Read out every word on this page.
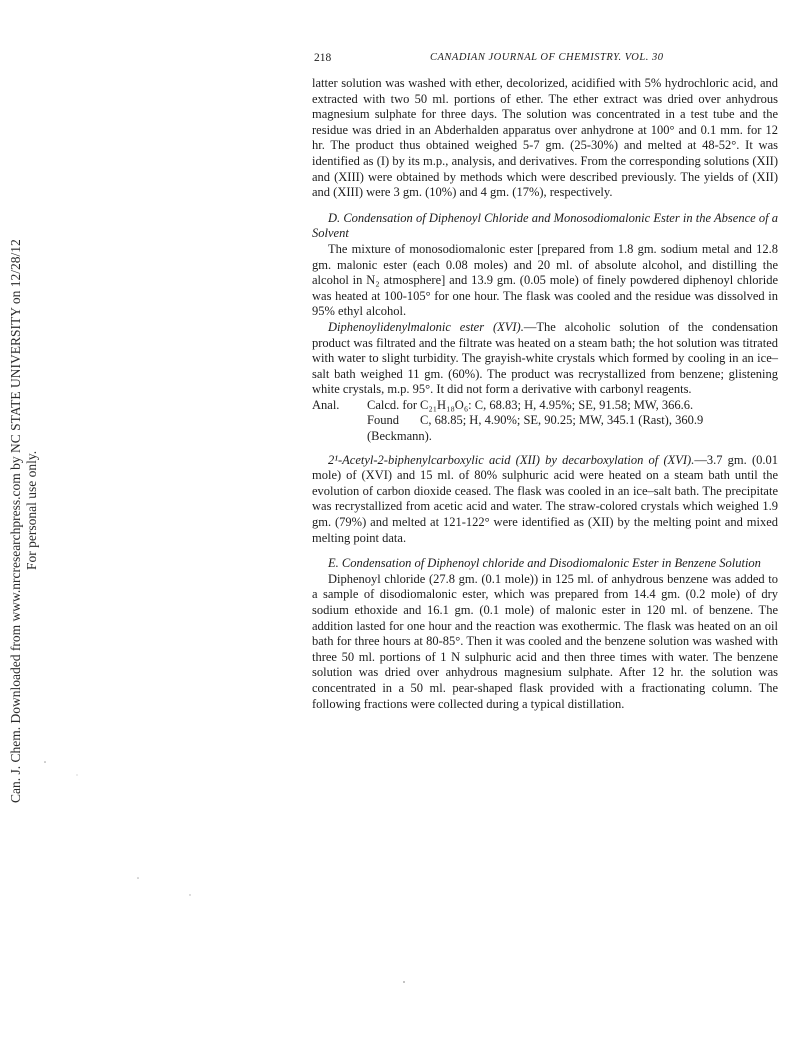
Can. J. Chem. Downloaded from www.nrcresearchpress.com by NC STATE UNIVERSITY on 12/28/12 For personal use only.
218	CANADIAN JOURNAL OF CHEMISTRY. VOL. 30

latter solution was washed with ether, decolorized, acidified with 5% hydrochloric acid, and extracted with two 50 ml. portions of ether. The ether extract was dried over anhydrous magnesium sulphate for three days. The solution was concentrated in a test tube and the residue was dried in an Abderhalden apparatus over anhydrone at 100° and 0.1 mm. for 12 hr. The product thus obtained weighed 5-7 gm. (25-30%) and melted at 48-52°. It was identified as (I) by its m.p., analysis, and derivatives. From the corresponding solutions (XII) and (XIII) were obtained by methods which were described previously. The yields of (XII) and (XIII) were 3 gm. (10%) and 4 gm. (17%), respectively.

D. Condensation of Diphenoyl Chloride and Monosodiomalonic Ester in the Absence of a Solvent

The mixture of monosodiomalonic ester [prepared from 1.8 gm. sodium metal and 12.8 gm. malonic ester (each 0.08 moles) and 20 ml. of absolute alcohol, and distilling the alcohol in N₂ atmosphere] and 13.9 gm. (0.05 mole) of finely powdered diphenoyl chloride was heated at 100-105° for one hour. The flask was cooled and the residue was dissolved in 95% ethyl alcohol.

Diphenoylidenylmalonic ester (XVI).—The alcoholic solution of the condensation product was filtrated and the filtrate was heated on a steam bath; the hot solution was titrated with water to slight turbidity. The grayish-white crystals which formed by cooling in an ice–salt bath weighed 11 gm. (60%). The product was recrystallized from benzene; glistening white crystals, m.p. 95°. It did not form a derivative with carbonyl reagents.

Anal.	Calcd. for C₂₁H₁₈O₆: C, 68.83; H, 4.95%; SE, 91.58; MW, 366.6.
Found	C, 68.85; H, 4.90%; SE, 90.25; MW, 345.1 (Rast), 360.9
(Beckmann).

2¹-Acetyl-2-biphenylcarboxylic acid (XII) by decarboxylation of (XVI).—3.7 gm. (0.01 mole) of (XVI) and 15 ml. of 80% sulphuric acid were heated on a steam bath until the evolution of carbon dioxide ceased. The flask was cooled in an ice–salt bath. The precipitate was recrystallized from acetic acid and water. The straw-colored crystals which weighed 1.9 gm. (79%) and melted at 121-122° were identified as (XII) by the melting point and mixed melting point data.

E. Condensation of Diphenoyl chloride and Disodiomalonic Ester in Benzene Solution

Diphenoyl chloride (27.8 gm. (0.1 mole)) in 125 ml. of anhydrous benzene was added to a sample of disodiomalonic ester, which was prepared from 14.4 gm. (0.2 mole) of dry sodium ethoxide and 16.1 gm. (0.1 mole) of malonic ester in 120 ml. of benzene. The addition lasted for one hour and the reaction was exothermic. The flask was heated on an oil bath for three hours at 80-85°. Then it was cooled and the benzene solution was washed with three 50 ml. portions of 1 N sulphuric acid and then three times with water. The benzene solution was dried over anhydrous magnesium sulphate. After 12 hr. the solution was concentrated in a 50 ml. pear-shaped flask provided with a fractionating column. The following fractions were collected during a typical distillation.
